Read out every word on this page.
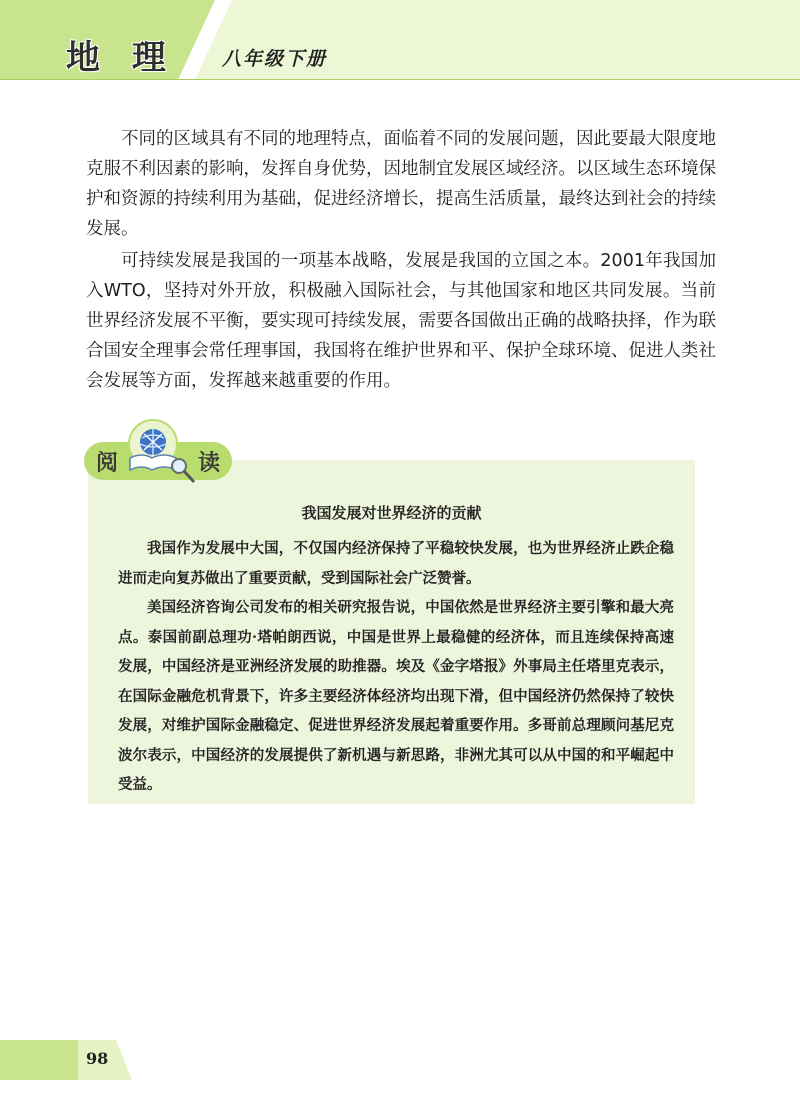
地 理 八年级下册

不同的区域具有不同的地理特点，面临着不同的发展问题，因此要最大限度地克服不利因素的影响，发挥自身优势，因地制宜发展区域经济。以区域生态环境保护和资源的持续利用为基础，促进经济增长，提高生活质量，最终达到社会的持续发展。

可持续发展是我国的一项基本战略，发展是我国的立国之本。2001年我国加入WTO，坚持对外开放，积极融入国际社会，与其他国家和地区共同发展。当前世界经济发展不平衡，要实现可持续发展，需要各国做出正确的战略抉择，作为联合国安全理事会常任理事国，我国将在维护世界和平、保护全球环境、促进人类社会发展等方面，发挥越来越重要的作用。

阅	读
我国发展对世界经济的贡献

我国作为发展中大国，不仅国内经济保持了平稳较快发展，也为世界经济止跌企稳进而走向复苏做出了重要贡献，受到国际社会广泛赞誉。

美国经济咨询公司发布的相关研究报告说，中国依然是世界经济主要引擎和最大亮点。泰国前副总理功·塔帕朗西说，中国是世界上最稳健的经济体，而且连续保持高速发展，中国经济是亚洲经济发展的助推器。埃及《金字塔报》外事局主任塔里克表示，在国际金融危机背景下，许多主要经济体经济均出现下滑，但中国经济仍然保持了较快发展，对维护国际金融稳定、促进世界经济发展起着重要作用。多哥前总理顾问基尼克波尔表示，中国经济的发展提供了新机遇与新思路，非洲尤其可以从中国的和平崛起中受益。

98
